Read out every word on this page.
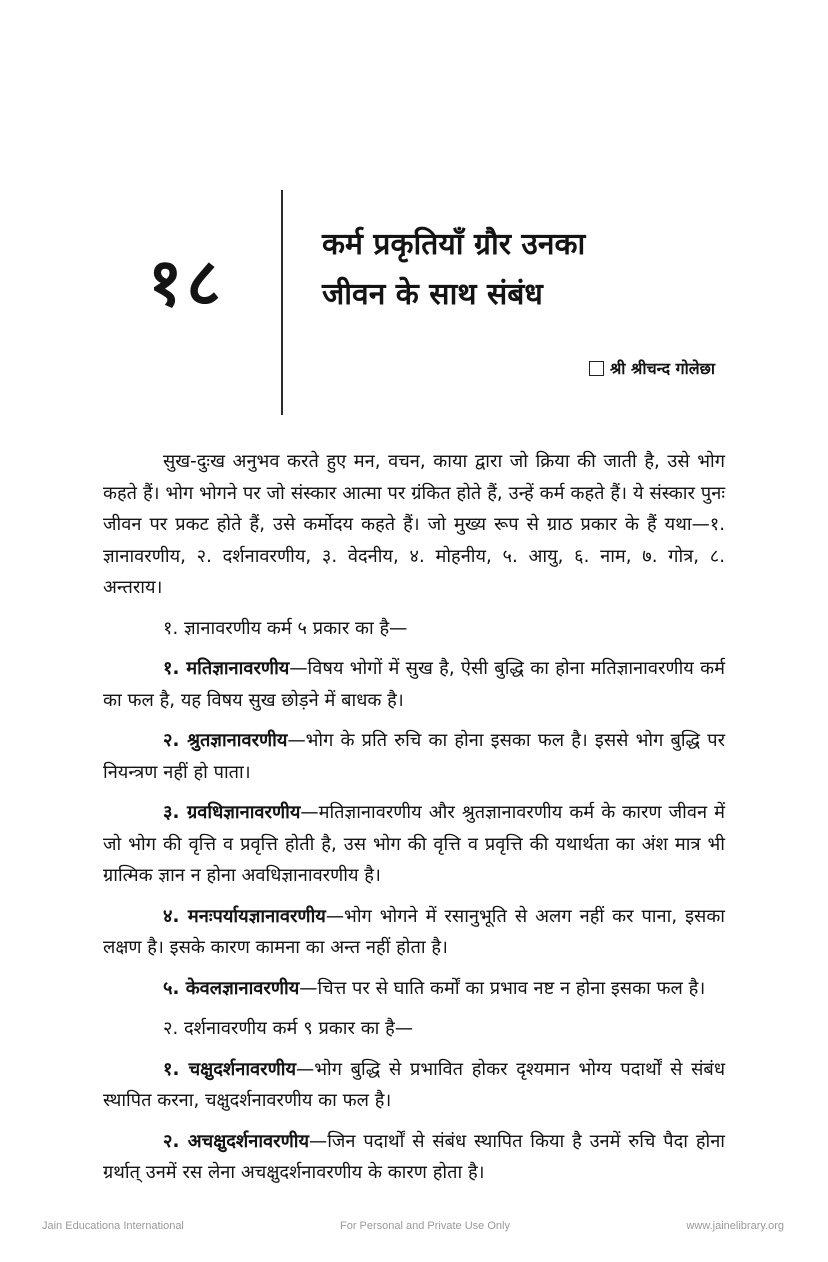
१८	कर्म प्रकृतियाँ ग्रौर उनका
जीवन के साथ संबंध
श्री श्रीचन्द गोलेछा

सुख-दुःख अनुभव करते हुए मन, वचन, काया द्वारा जो क्रिया की जाती है, उसे भोग कहते हैं। भोग भोगने पर जो संस्कार आत्मा पर ग्रंकित होते हैं, उन्हें कर्म कहते हैं। ये संस्कार पुनः जीवन पर प्रकट होते हैं, उसे कर्मोदय कहते हैं। जो मुख्य रूप से ग्राठ प्रकार के हैं यथा—१. ज्ञानावरणीय, २. दर्शनावरणीय, ३. वेदनीय, ४. मोहनीय, ५. आयु, ६. नाम, ७. गोत्र, ८. अन्तराय।

१. ज्ञानावरणीय कर्म ५ प्रकार का है—

१. मतिज्ञानावरणीय—विषय भोगों में सुख है, ऐसी बुद्धि का होना मतिज्ञानावरणीय कर्म का फल है, यह विषय सुख छोड़ने में बाधक है।

२. श्रुतज्ञानावरणीय—भोग के प्रति रुचि का होना इसका फल है। इससे भोग बुद्धि पर नियन्त्रण नहीं हो पाता।

३. ग्रवधिज्ञानावरणीय—मतिज्ञानावरणीय और श्रुतज्ञानावरणीय कर्म के कारण जीवन में जो भोग की वृत्ति व प्रवृत्ति होती है, उस भोग की वृत्ति व प्रवृत्ति की यथार्थता का अंश मात्र भी ग्रात्मिक ज्ञान न होना अवधिज्ञानावरणीय है।

४. मनःपर्यायज्ञानावरणीय—भोग भोगने में रसानुभूति से अलग नहीं कर पाना, इसका लक्षण है। इसके कारण कामना का अन्त नहीं होता है।

५. केवलज्ञानावरणीय—चित्त पर से घाति कर्मों का प्रभाव नष्ट न होना इसका फल है।

२. दर्शनावरणीय कर्म ९ प्रकार का है—

१. चक्षुदर्शनावरणीय—भोग बुद्धि से प्रभावित होकर दृश्यमान भोग्य पदार्थों से संबंध स्थापित करना, चक्षुदर्शनावरणीय का फल है।

२. अचक्षुदर्शनावरणीय—जिन पदार्थों से संबंध स्थापित किया है उनमें रुचि पैदा होना ग्रर्थात् उनमें रस लेना अचक्षुदर्शनावरणीय के कारण होता है।

Jain Educationa International	For Personal and Private Use Only	www.jainelibrary.org
